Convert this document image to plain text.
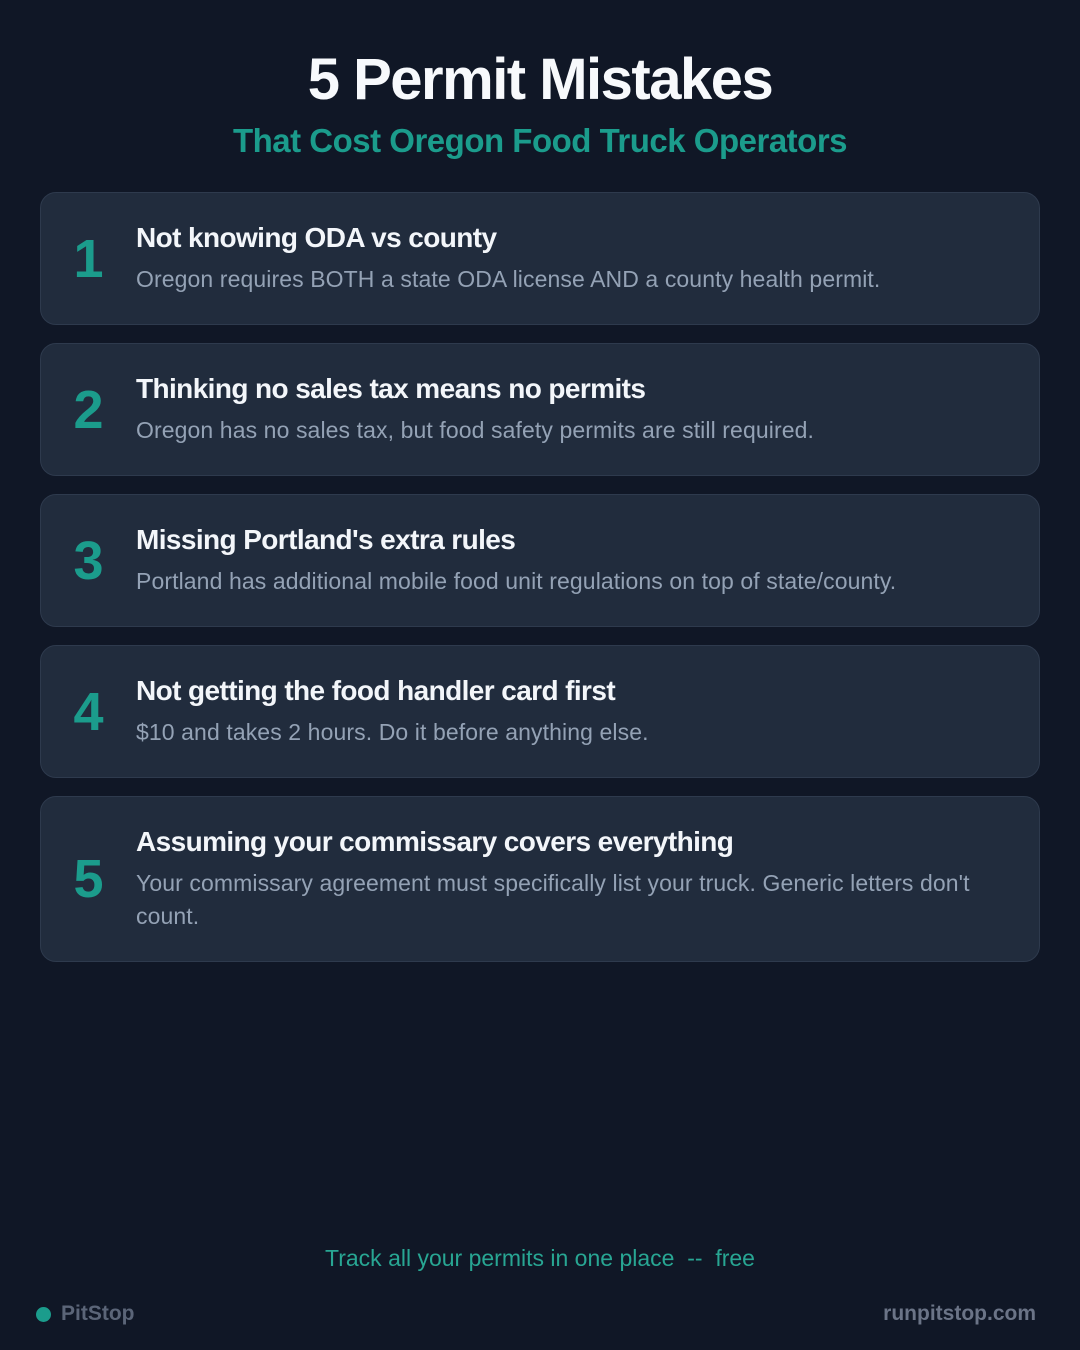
5 Permit Mistakes
That Cost Oregon Food Truck Operators
1	Not knowing ODA vs county

Oregon requires BOTH a state ODA license AND a county health permit.

2	Thinking no sales tax means no permits

Oregon has no sales tax, but food safety permits are still required.

3	Missing Portland's extra rules

Portland has additional mobile food unit regulations on top of state/county.

4	Not getting the food handler card first

$10 and takes 2 hours. Do it before anything else.

5
Assuming your commissary covers everything

Your commissary agreement must specifically list your truck. Generic letters don't count.

Track all your permits in one place  --  free
PitStop	runpitstop.com
